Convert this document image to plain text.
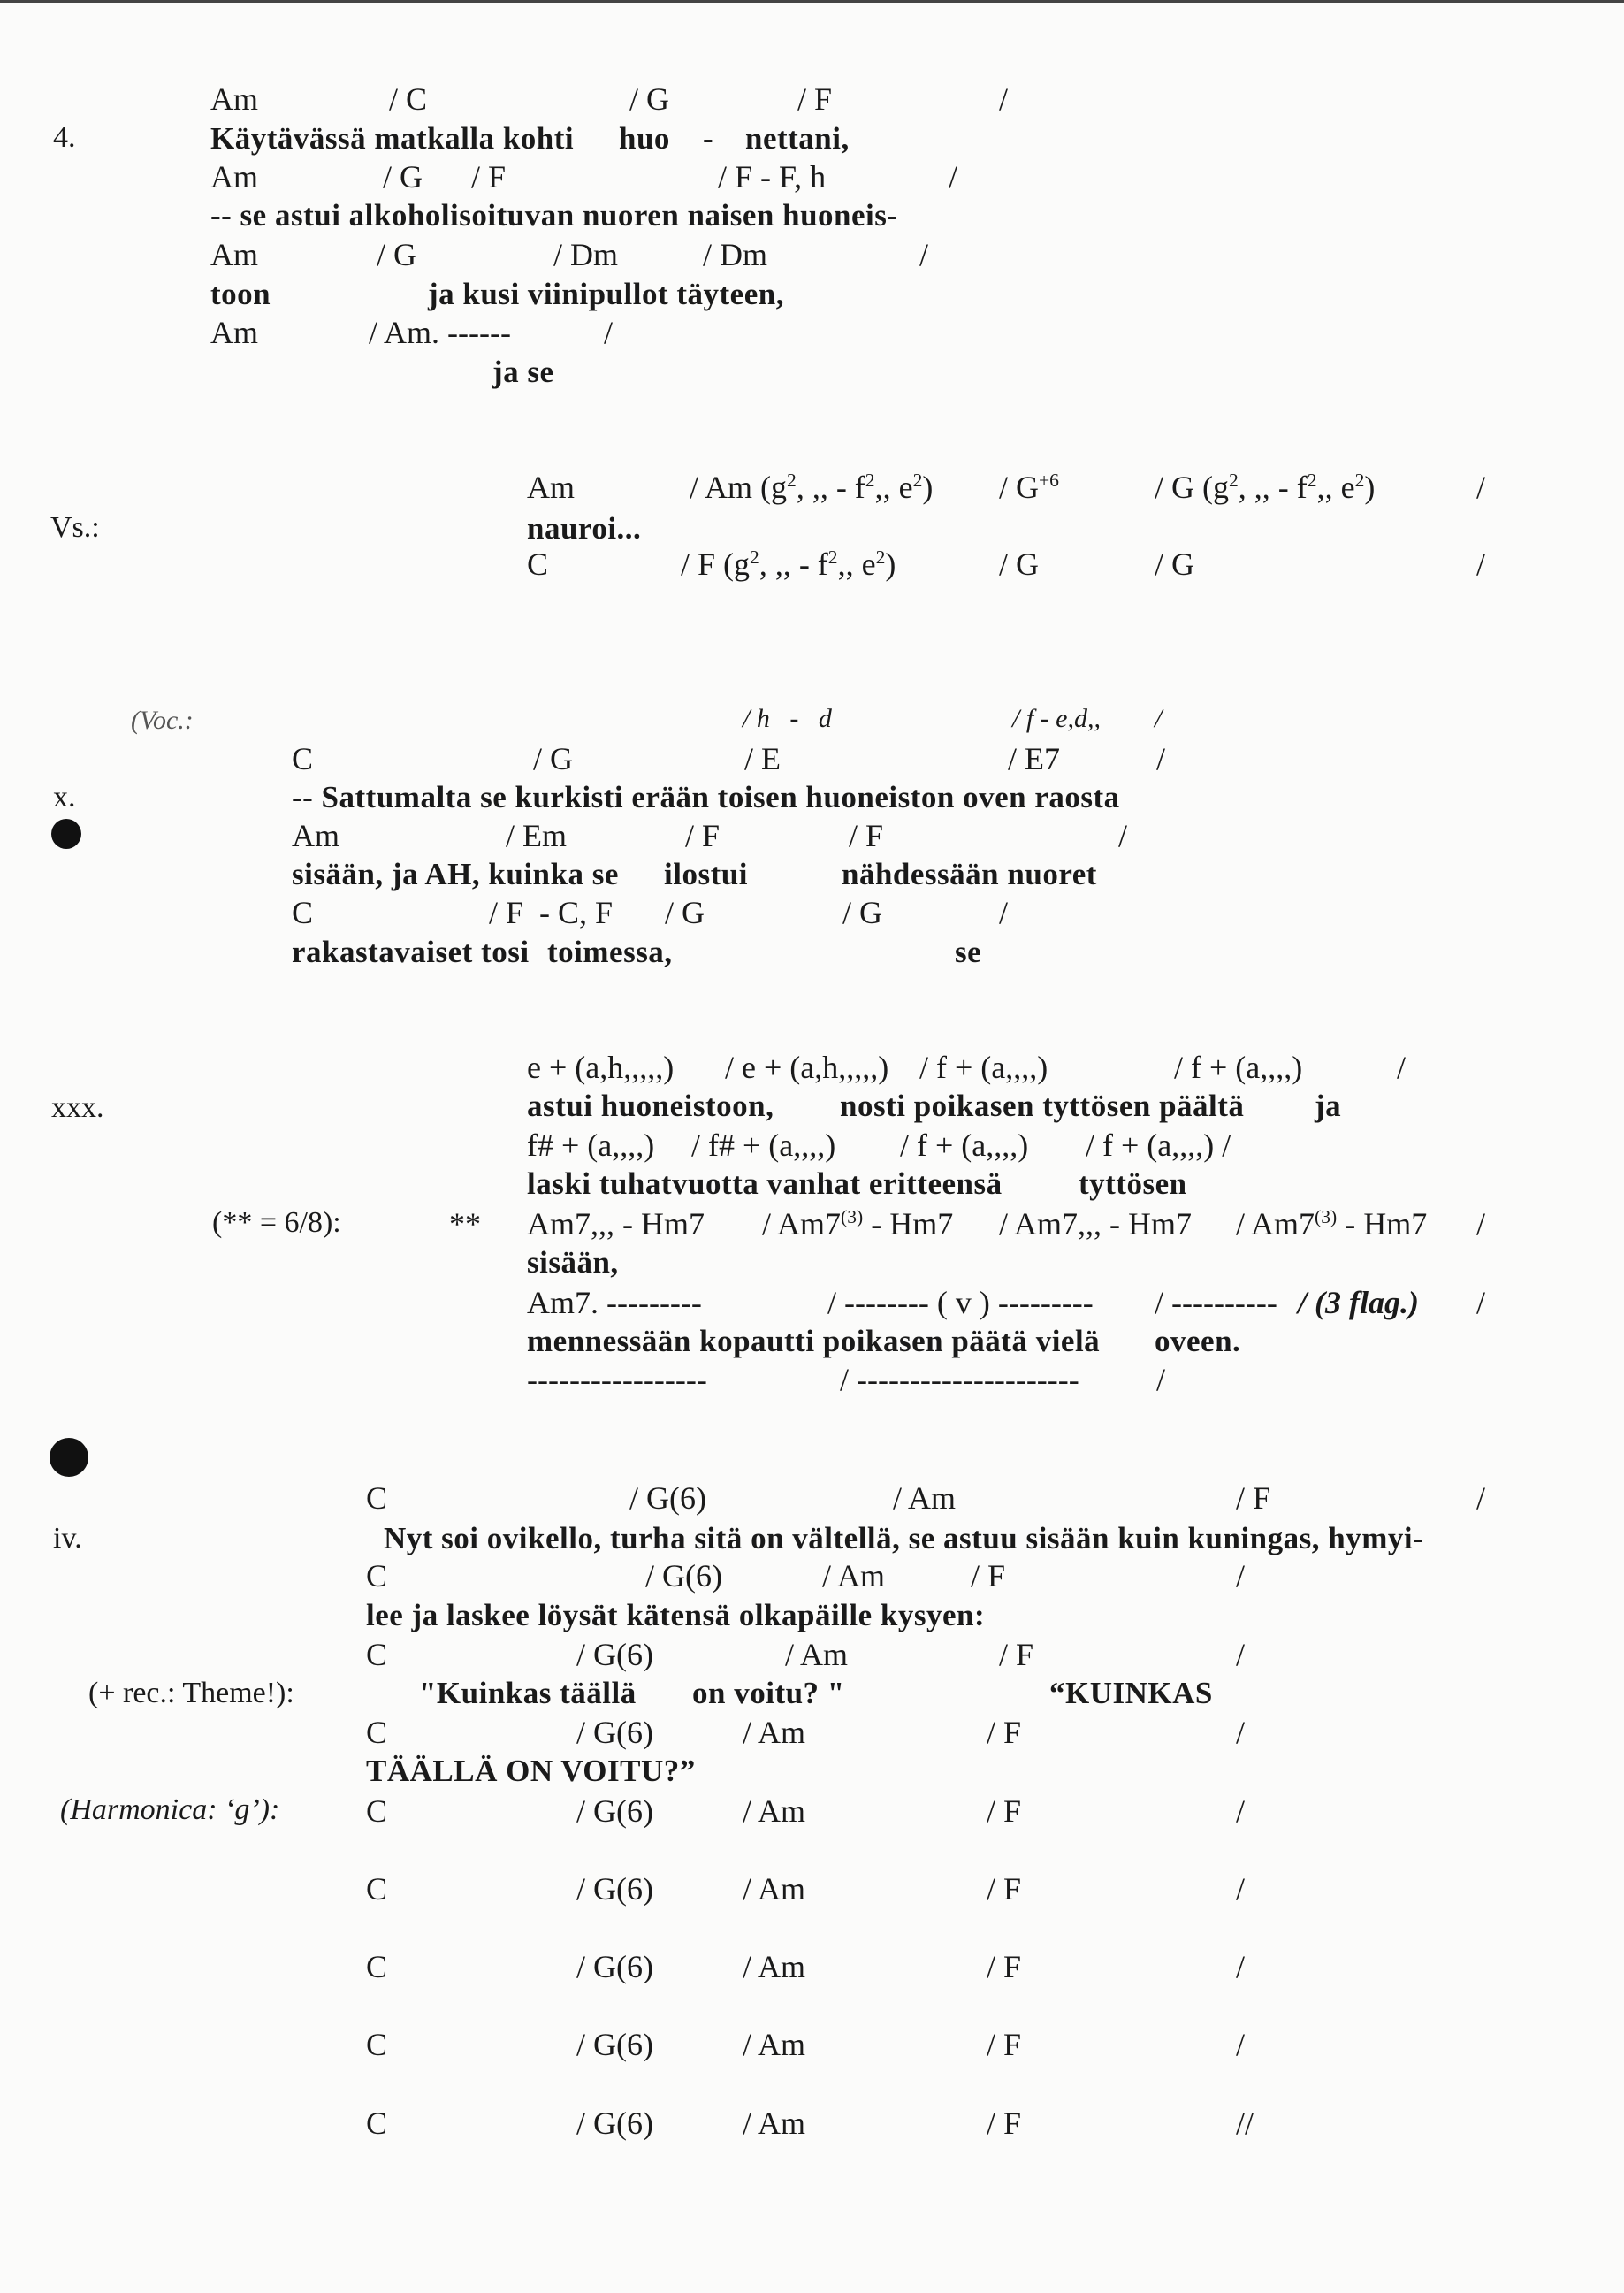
Am	/ C	/ G	/ F	/
4.	Käytävässä matkalla kohti huo - nettani,
Am	/ G / F	/ F - F, h	/
-- se astui alkoholisoituvan nuoren naisen huoneis-
Am	/ G	/ Dm	/ Dm	/
toon	ja kusi viinipullot täyteen,
Am	/ Am. ------	/
ja se
Am	/ Am ($g^2$, ,, - $f^2$,, $e^2) / G^{+6}$	/ G ($g^2$, ,, - $f^2$,, $e^2$)	/
Vs.:	nauroi...
C	/ F ($g^2$, ,, - $f^2$,, $e^2$)	/ G	/ G	/
(Voc.:	/ h   -   d	/ f - e,d,, /
C	/ G	/ E	/ E7	/
x.	-- Sattumalta se kurkisti erään toisen huoneiston oven raosta
Am	/ Em	/ F	/ F	/
sisään, ja AH, kuinka se ilostui	nähdessään nuoret
C	/ F  - C, F / G	/ G	/
rakastavaiset tosi toimessa,	se
e + (a,h,,,,,) / e + (a,h,,,,,) / f + (a,,,,)	/ f + (a,,,,)	/
xxx.	astui huoneistoon, nosti poikasen tyttösen päältä ja
f# + (a,,,,) / f# + (a,,,,) / f + (a,,,,) / f + (a,,,,) /
laski tuhatvuotta vanhat eritteensä tyttösen
(** = 6/8):	** Am7,,, - Hm7 / Am7$^{(3)}$ - Hm7 / Am7,,, - Hm7 / Am7$^{(3)}$ - Hm7 /
sisään,
Am7. ---------	/ -------- ( v ) --------- / ---------- / (3 flag.) /
mennessään kopautti poikasen päätä vielä oveen.
-----------------	/ --------------------- /
C	/ G(6)	/ Am	/ F	/
iv.	Nyt soi ovikello, turha sitä on vältellä, se astuu sisään kuin kuningas, hymyi-
C	/ G(6)	/ Am	/ F	/
lee ja laskee löysät kätensä olkapäille kysyen:
C	/ G(6)	/ Am	/ F	/
(+ rec.: Theme!):	"Kuinkas täällä on voitu? "	“KUINKAS
C	/ G(6)	/ Am	/ F	/
TÄÄLLÄ ON VOITU?”
(Harmonica: ‘g’):	C	/ G(6)	/ Am	/ F	/
C	/ G(6)	/ Am	/ F	/
C	/ G(6)	/ Am	/ F	/
C	/ G(6)	/ Am	/ F	/
C	/ G(6)	/ Am	/ F	//
